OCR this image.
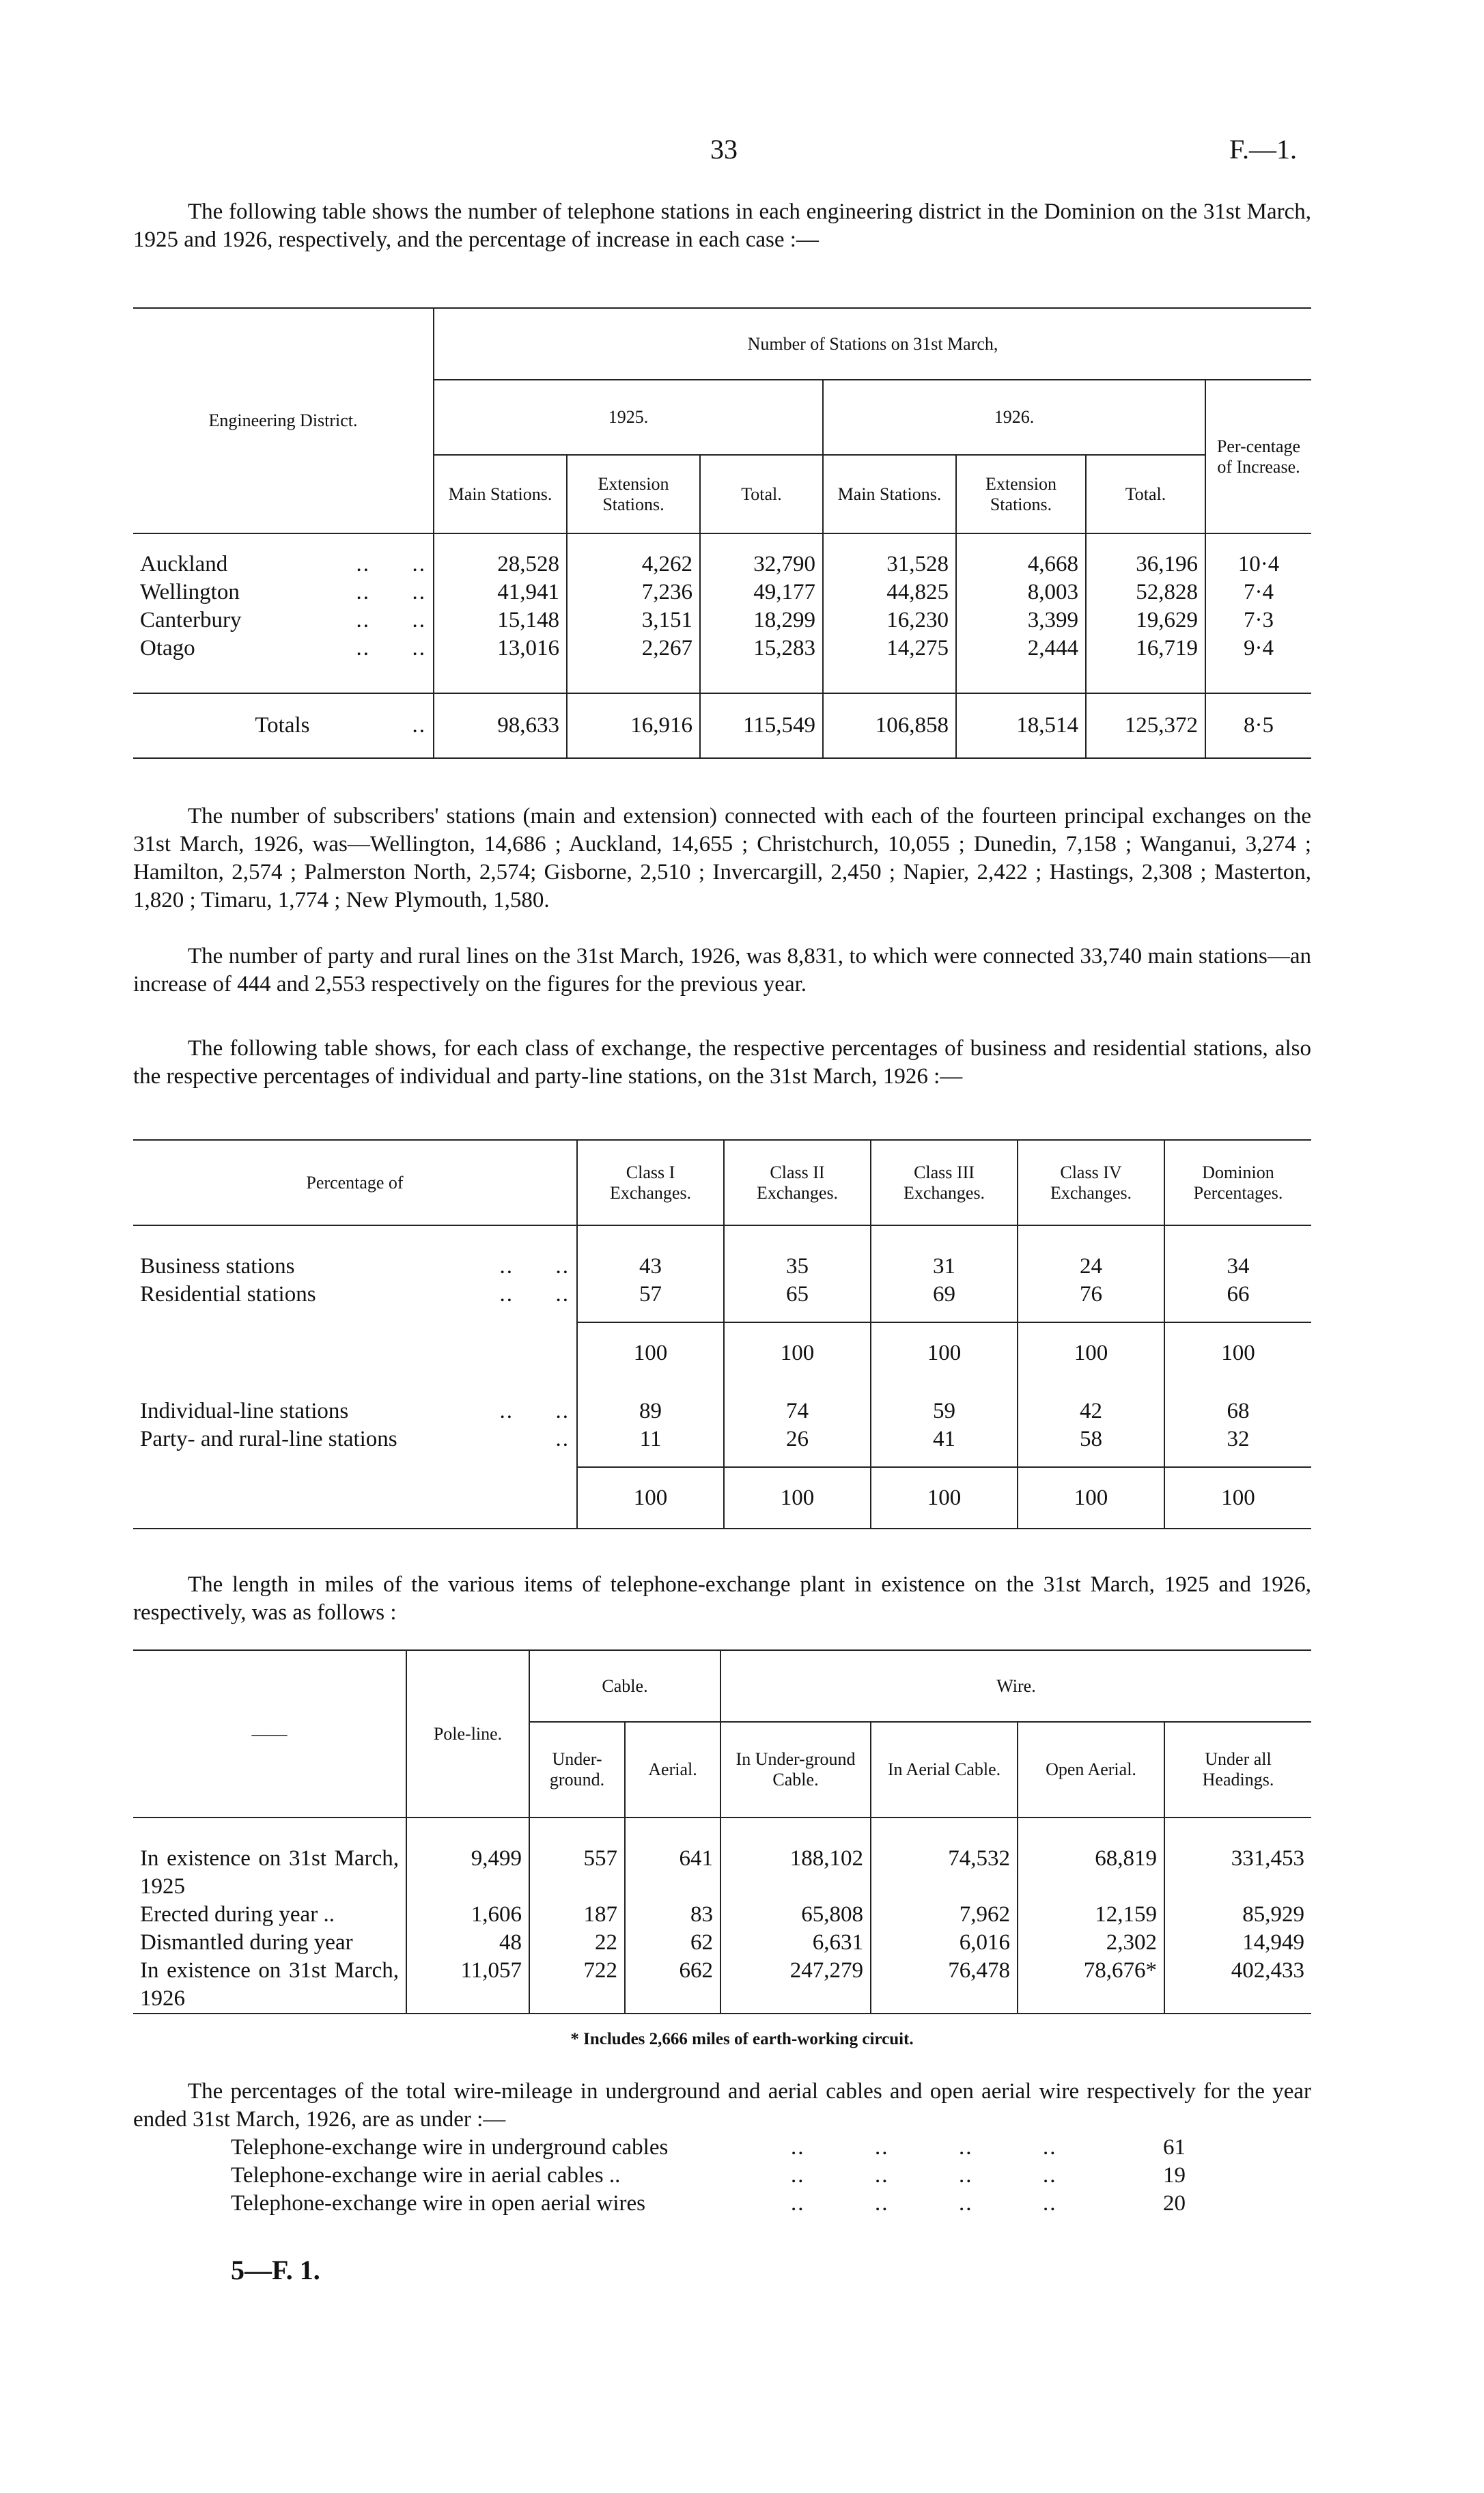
33	F.—1.

The following table shows the number of telephone stations in each engineering district in the Dominion on the 31st March, 1925 and 1926, respectively, and the percentage of increase in each case :—

Engineering District.	Number of Stations on 31st March,						
	1925.			1926.			Per-centage of Increase.
	Main Stations.	Extension Stations.	Total.	Main Stations.	Extension Stations.	Total.	

Auckland	..      ..	28,528	4,262	32,790	31,528	4,668	36,196	10·4

Wellington	..      ..	41,941	7,236	49,177	44,825	8,003	52,828	7·4

Canterbury	..      ..	15,148	3,151	18,299	16,230	3,399	19,629	7·3

Otago	..      ..	13,016	2,267	15,283	14,275	2,444	16,719	9·4

Totals ..	98,633	16,916	115,549	106,858	18,514	125,372	8·5

The number of subscribers' stations (main and extension) connected with each of the fourteen principal exchanges on the 31st March, 1926, was—Wellington, 14,686 ; Auckland, 14,655 ; Christchurch, 10,055 ; Dunedin, 7,158 ; Wanganui, 3,274 ; Hamilton, 2,574 ; Palmerston North, 2,574; Gisborne, 2,510 ; Invercargill, 2,450 ; Napier, 2,422 ; Hastings, 2,308 ; Masterton, 1,820 ; Timaru, 1,774 ; New Plymouth, 1,580.

The number of party and rural lines on the 31st March, 1926, was 8,831, to which were connected 33,740 main stations—an increase of 444 and 2,553 respectively on the figures for the previous year.

The following table shows, for each class of exchange, the respective percentages of business and residential stations, also the respective percentages of individual and party-line stations, on the 31st March, 1926 :—

Percentage of	Class I Exchanges.	Class II Exchanges.	Class III Exchanges.	Class IV Exchanges.	Dominion Percentages.

Business stations	..      ..	43	35	31	24	34

Residential stations	..      ..	57	65	69	76	66

	100	100	100	100	100

Individual-line stations	..      ..	89	74	59	42	68

Party- and rural-line stations	..	11	26	41	58	32

	100	100	100	100	100

The length in miles of the various items of telephone-exchange plant in existence on the 31st March, 1925 and 1926, respectively, was as follows :

——	Pole-line.	Cable.		Wire.			
		Under-ground.	Aerial.	In Under-ground Cable.	In Aerial Cable.	Open Aerial.	Under all Headings.

In existence on 31st March, 1925	9,499	557	641	188,102	74,532	68,819	331,453
Erected during year ..	1,606	187	83	65,808	7,962	12,159	85,929
Dismantled during year	48	22	62	6,631	6,016	2,302	14,949
In existence on 31st March, 1926	11,057	722	662	247,279	76,478	78,676*	402,433
* Includes 2,666 miles of earth-working circuit.

The percentages of the total wire-mileage in underground and aerial cables and open aerial wire respectively for the year ended 31st March, 1926, are as under :—

Telephone-exchange wire in underground cables	..          ..          ..          ..	61
Telephone-exchange wire in aerial cables ..	..          ..          ..          ..	19
Telephone-exchange wire in open aerial wires	..          ..          ..          ..	20
5—F. 1.
